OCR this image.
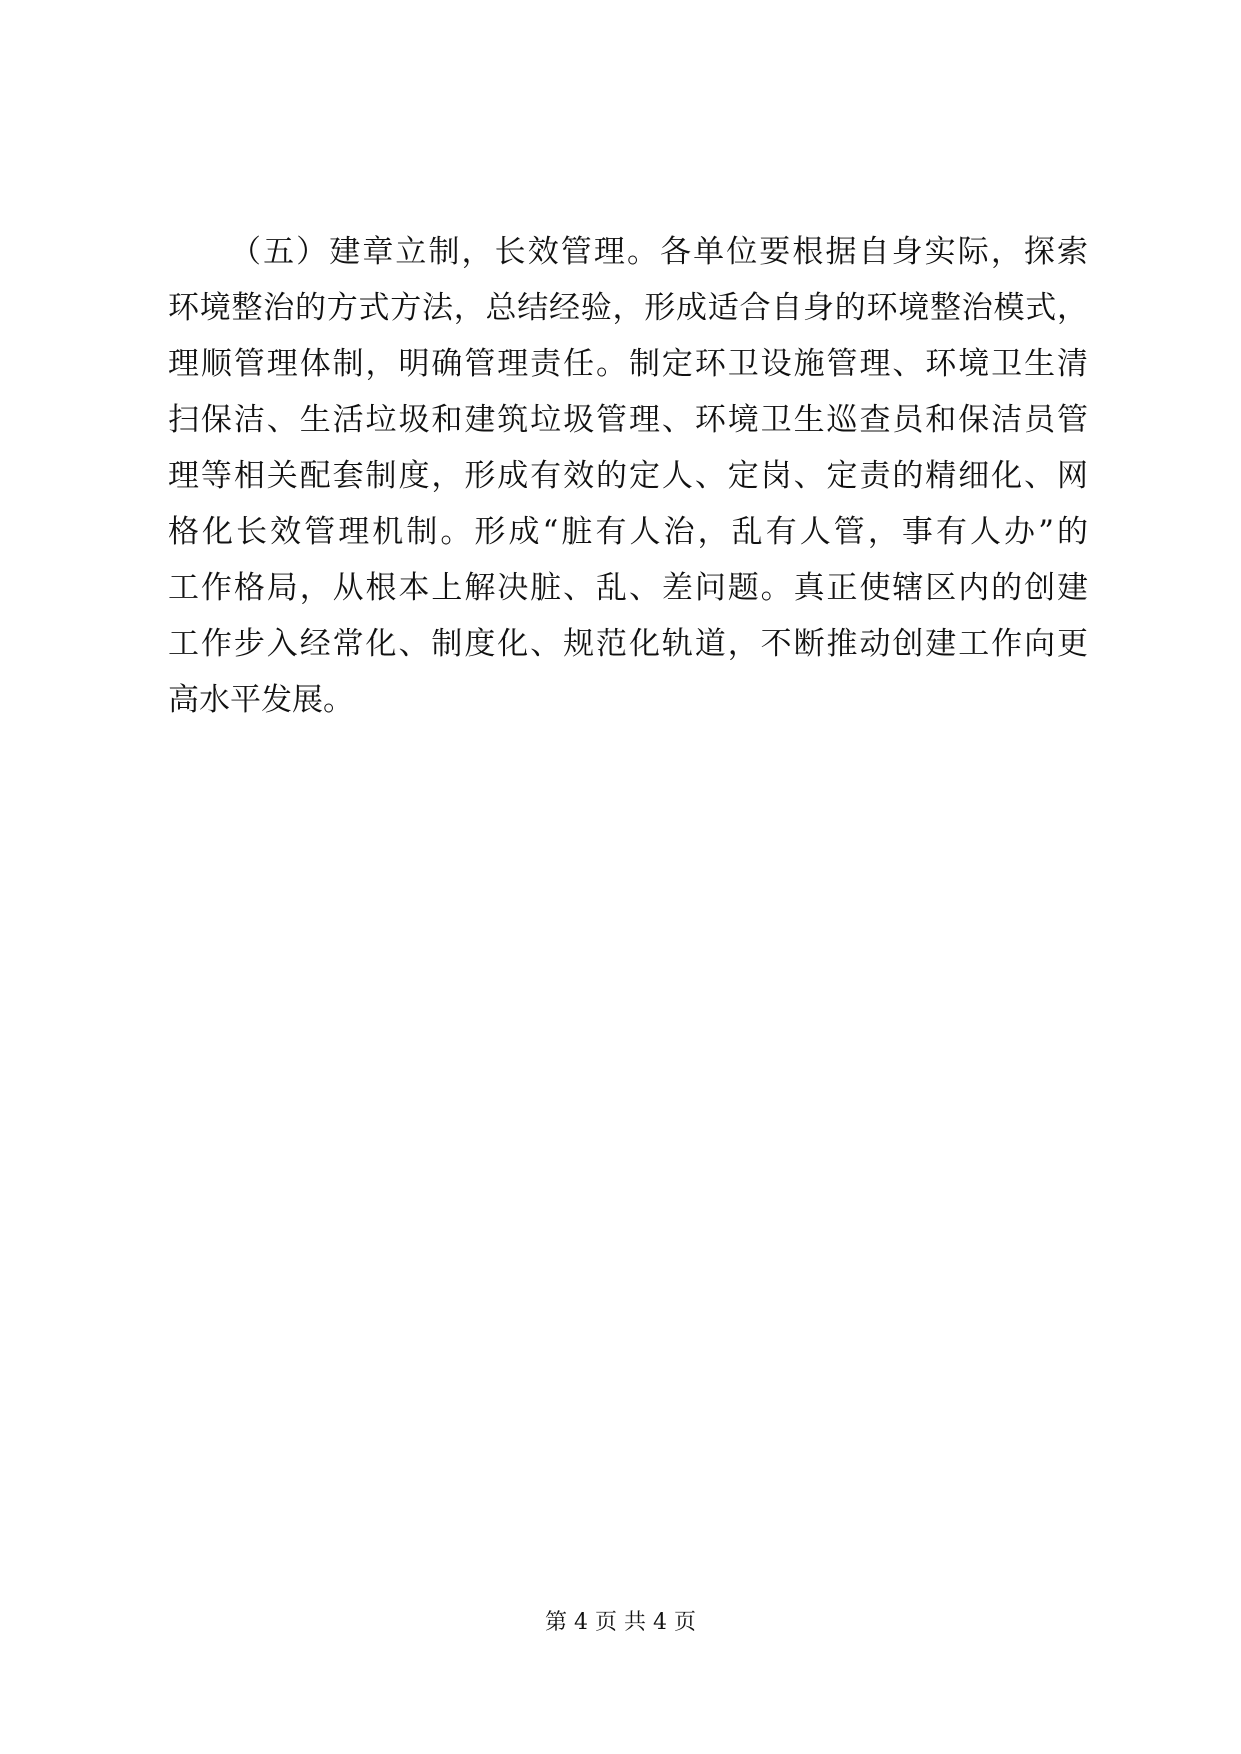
（五）建章立制，长效管理。各单位要根据自身实际，探索
环境整治的方式方法，总结经验，形成适合自身的环境整治模式，
理顺管理体制，明确管理责任。制定环卫设施管理、环境卫生清
扫保洁、生活垃圾和建筑垃圾管理、环境卫生巡查员和保洁员管
理等相关配套制度，形成有效的定人、定岗、定责的精细化、网
格化长效管理机制。形成“脏有人治，乱有人管，事有人办”的
工作格局，从根本上解决脏、乱、差问题。真正使辖区内的创建
工作步入经常化、制度化、规范化轨道，不断推动创建工作向更
高水平发展。
第 4 页 共 4 页
